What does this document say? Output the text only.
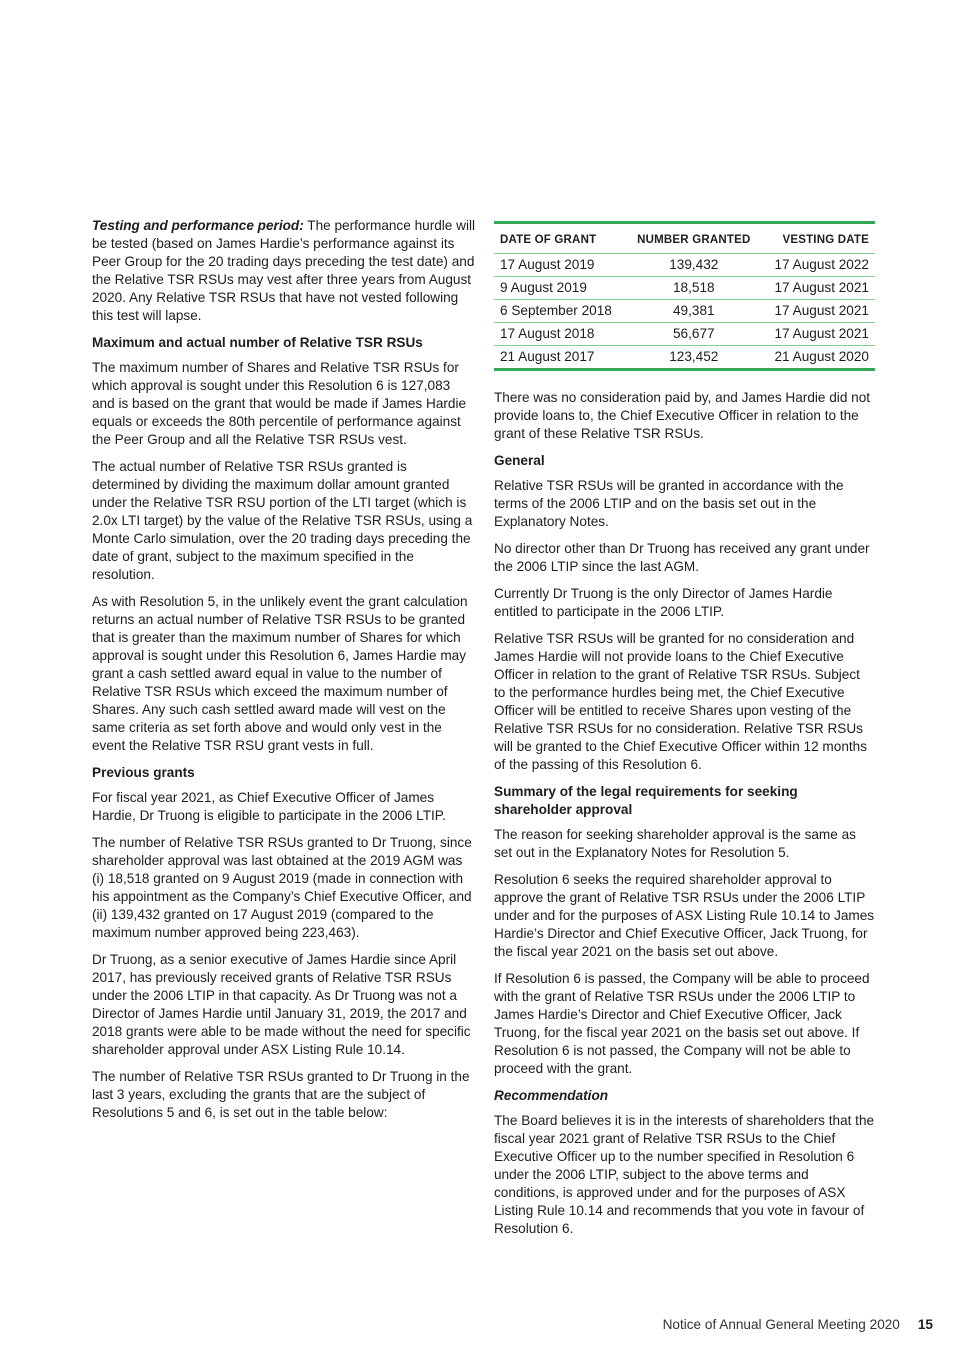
Testing and performance period: The performance hurdle will be tested (based on James Hardie’s performance against its Peer Group for the 20 trading days preceding the test date) and the Relative TSR RSUs may vest after three years from August 2020. Any Relative TSR RSUs that have not vested following this test will lapse.

Maximum and actual number of Relative TSR RSUs

The maximum number of Shares and Relative TSR RSUs for which approval is sought under this Resolution 6 is 127,083 and is based on the grant that would be made if James Hardie equals or exceeds the 80th percentile of performance against the Peer Group and all the Relative TSR RSUs vest.

The actual number of Relative TSR RSUs granted is determined by dividing the maximum dollar amount granted under the Relative TSR RSU portion of the LTI target (which is 2.0x LTI target) by the value of the Relative TSR RSUs, using a Monte Carlo simulation, over the 20 trading days preceding the date of grant, subject to the maximum specified in the resolution.

As with Resolution 5, in the unlikely event the grant calculation returns an actual number of Relative TSR RSUs to be granted that is greater than the maximum number of Shares for which approval is sought under this Resolution 6, James Hardie may grant a cash settled award equal in value to the number of Relative TSR RSUs which exceed the maximum number of Shares. Any such cash settled award made will vest on the same criteria as set forth above and would only vest in the event the Relative TSR RSU grant vests in full.

Previous grants

For fiscal year 2021, as Chief Executive Officer of James Hardie, Dr Truong is eligible to participate in the 2006 LTIP.

The number of Relative TSR RSUs granted to Dr Truong, since shareholder approval was last obtained at the 2019 AGM was (i) 18,518 granted on 9 August 2019 (made in connection with his appointment as the Company’s Chief Executive Officer, and (ii) 139,432 granted on 17 August 2019 (compared to the maximum number approved being 223,463).

Dr Truong, as a senior executive of James Hardie since April 2017, has previously received grants of Relative TSR RSUs under the 2006 LTIP in that capacity. As Dr Truong was not a Director of James Hardie until January 31, 2019, the 2017 and 2018 grants were able to be made without the need for specific shareholder approval under ASX Listing Rule 10.14.

The number of Relative TSR RSUs granted to Dr Truong in the last 3 years, excluding the grants that are the subject of Resolutions 5 and 6, is set out in the table below:

DATE OF GRANT	NUMBER GRANTED	VESTING DATE
17 August 2019	139,432	17 August 2022
9 August 2019	18,518	17 August 2021
6 September 2018	49,381	17 August 2021
17 August 2018	56,677	17 August 2021
21 August 2017	123,452	21 August 2020

There was no consideration paid by, and James Hardie did not provide loans to, the Chief Executive Officer in relation to the grant of these Relative TSR RSUs.

General

Relative TSR RSUs will be granted in accordance with the terms of the 2006 LTIP and on the basis set out in the Explanatory Notes.

No director other than Dr Truong has received any grant under the 2006 LTIP since the last AGM.

Currently Dr Truong is the only Director of James Hardie entitled to participate in the 2006 LTIP.

Relative TSR RSUs will be granted for no consideration and James Hardie will not provide loans to the Chief Executive Officer in relation to the grant of Relative TSR RSUs. Subject to the performance hurdles being met, the Chief Executive Officer will be entitled to receive Shares upon vesting of the Relative TSR RSUs for no consideration. Relative TSR RSUs will be granted to the Chief Executive Officer within 12 months of the passing of this Resolution 6.

Summary of the legal requirements for seeking shareholder approval

The reason for seeking shareholder approval is the same as set out in the Explanatory Notes for Resolution 5.

Resolution 6 seeks the required shareholder approval to approve the grant of Relative TSR RSUs under the 2006 LTIP under and for the purposes of ASX Listing Rule 10.14 to James Hardie’s Director and Chief Executive Officer, Jack Truong, for the fiscal year 2021 on the basis set out above.

If Resolution 6 is passed, the Company will be able to proceed with the grant of Relative TSR RSUs under the 2006 LTIP to James Hardie’s Director and Chief Executive Officer, Jack Truong, for the fiscal year 2021 on the basis set out above. If Resolution 6 is not passed, the Company will not be able to proceed with the grant.

Recommendation

The Board believes it is in the interests of shareholders that the fiscal year 2021 grant of Relative TSR RSUs to the Chief Executive Officer up to the number specified in Resolution 6 under the 2006 LTIP, subject to the above terms and conditions, is approved under and for the purposes of ASX Listing Rule 10.14 and recommends that you vote in favour of Resolution 6.

Notice of Annual General Meeting 2020 15
